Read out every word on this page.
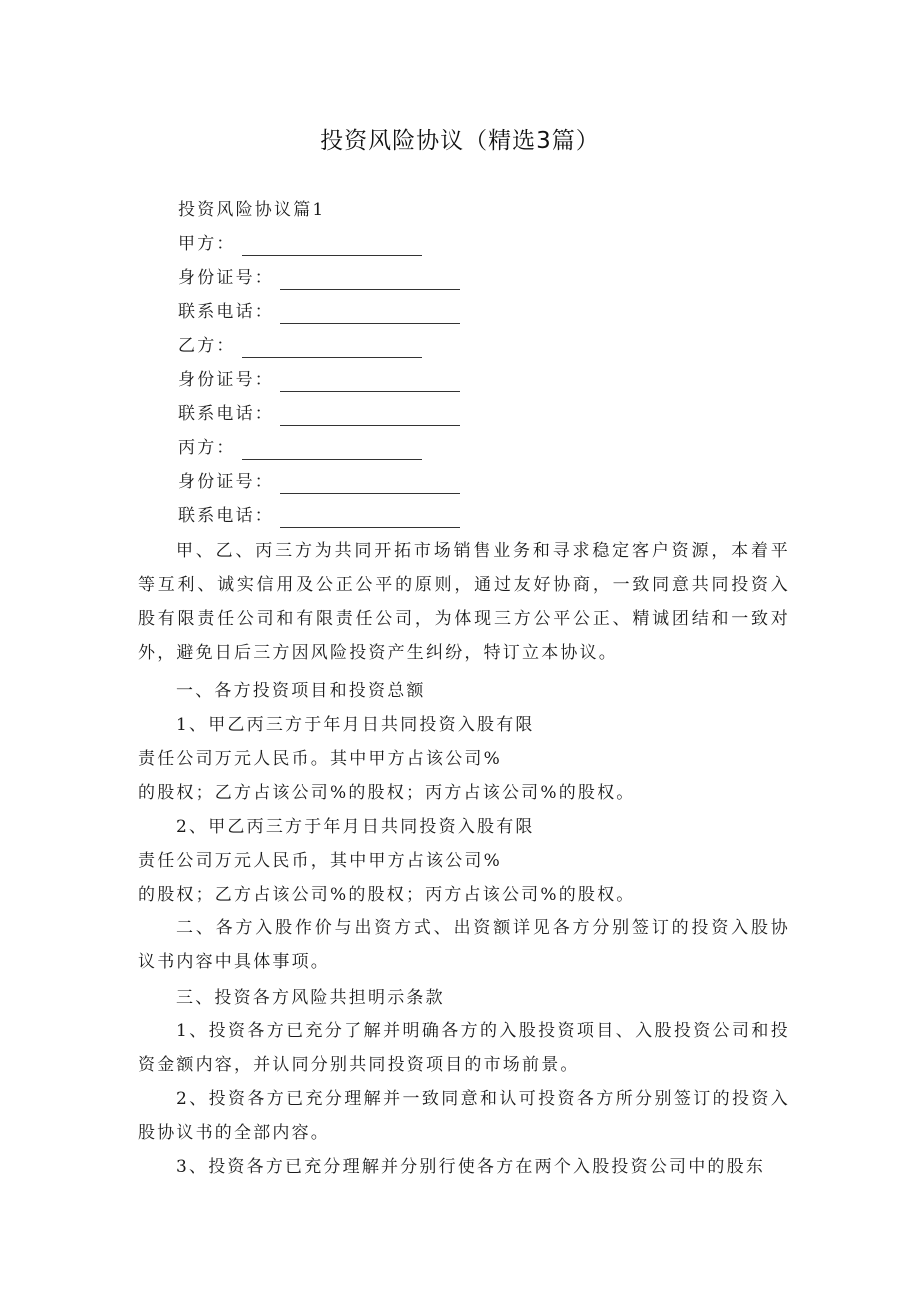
投资风险协议（精选3篇）
投资风险协议篇1
甲方：
身份证号：
联系电话：
乙方：
身份证号：
联系电话：
丙方：
身份证号：
联系电话：
甲、乙、丙三方为共同开拓市场销售业务和寻求稳定客户资源，本着平等互利、诚实信用及公正公平的原则，通过友好协商，一致同意共同投资入股有限责任公司和有限责任公司，为体现三方公平公正、精诚团结和一致对外，避免日后三方因风险投资产生纠纷，特订立本协议。
一、各方投资项目和投资总额
1、甲乙丙三方于年月日共同投资入股有限
责任公司万元人民币。其中甲方占该公司%
的股权；乙方占该公司%的股权；丙方占该公司%的股权。
2、甲乙丙三方于年月日共同投资入股有限
责任公司万元人民币，其中甲方占该公司%
的股权；乙方占该公司%的股权；丙方占该公司%的股权。
二、各方入股作价与出资方式、出资额详见各方分别签订的投资入股协议书内容中具体事项。
三、投资各方风险共担明示条款
1、投资各方已充分了解并明确各方的入股投资项目、入股投资公司和投资金额内容，并认同分别共同投资项目的市场前景。
2、投资各方已充分理解并一致同意和认可投资各方所分别签订的投资入股协议书的全部内容。
3、投资各方已充分理解并分别行使各方在两个入股投资公司中的股东
